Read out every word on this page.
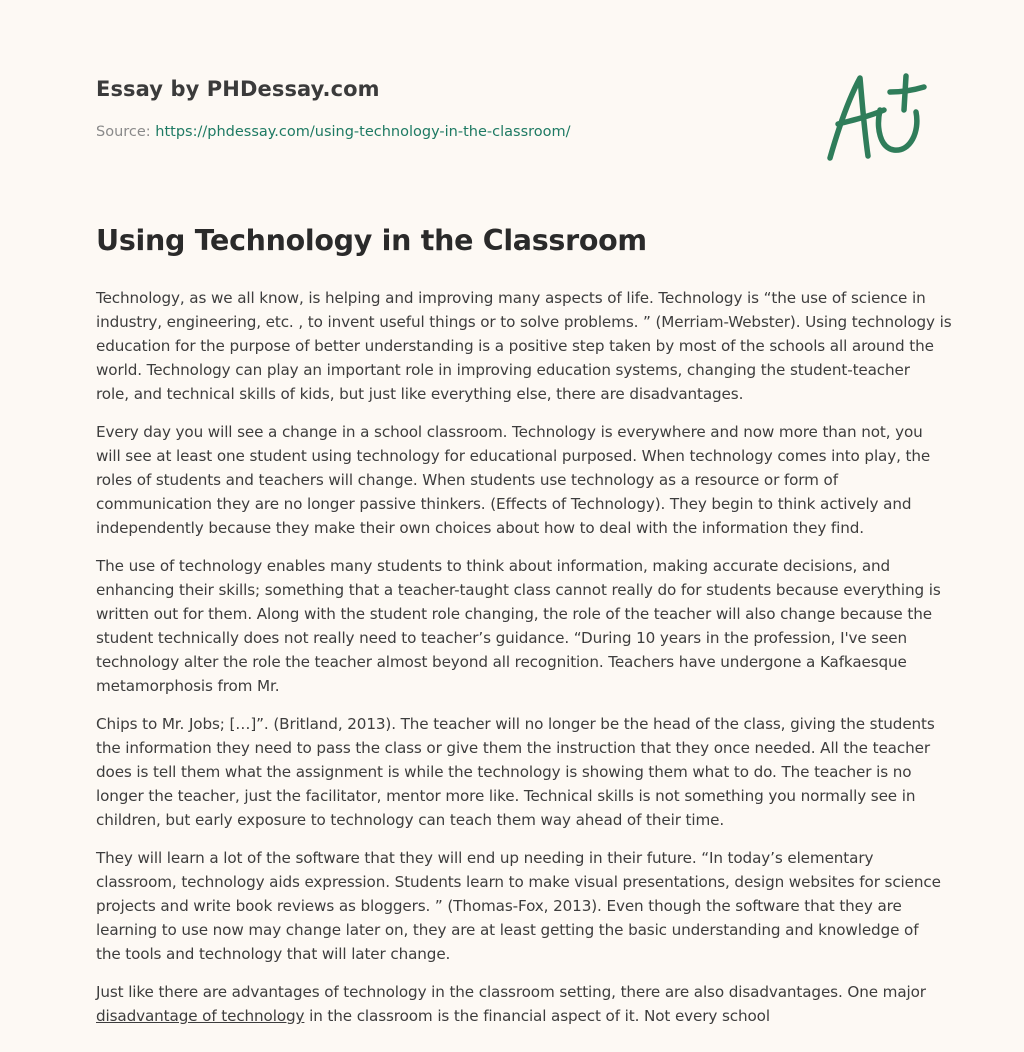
Essay by PHDessay.com

Source: https://phdessay.com/using-technology-in-the-classroom/
Using Technology in the Classroom

Technology, as we all know, is helping and improving many aspects of life. Technology is “the use of science in
industry, engineering, etc. , to invent useful things or to solve problems. ” (Merriam-Webster). Using technology is
education for the purpose of better understanding is a positive step taken by most of the schools all around the
world. Technology can play an important role in improving education systems, changing the student-teacher
role, and technical skills of kids, but just like everything else, there are disadvantages.

Every day you will see a change in a school classroom. Technology is everywhere and now more than not, you
will see at least one student using technology for educational purposed. When technology comes into play, the
roles of students and teachers will change. When students use technology as a resource or form of
communication they are no longer passive thinkers. (Effects of Technology). They begin to think actively and
independently because they make their own choices about how to deal with the information they find.

The use of technology enables many students to think about information, making accurate decisions, and
enhancing their skills; something that a teacher-taught class cannot really do for students because everything is
written out for them. Along with the student role changing, the role of the teacher will also change because the
student technically does not really need to teacher’s guidance. “During 10 years in the profession, I've seen
technology alter the role the teacher almost beyond all recognition. Teachers have undergone a Kafkaesque
metamorphosis from Mr.

Chips to Mr. Jobs; […]”. (Britland, 2013). The teacher will no longer be the head of the class, giving the students
the information they need to pass the class or give them the instruction that they once needed. All the teacher
does is tell them what the assignment is while the technology is showing them what to do. The teacher is no
longer the teacher, just the facilitator, mentor more like. Technical skills is not something you normally see in
children, but early exposure to technology can teach them way ahead of their time.

They will learn a lot of the software that they will end up needing in their future. “In today’s elementary
classroom, technology aids expression. Students learn to make visual presentations, design websites for science
projects and write book reviews as bloggers. ” (Thomas-Fox, 2013). Even though the software that they are
learning to use now may change later on, they are at least getting the basic understanding and knowledge of
the tools and technology that will later change.

Just like there are advantages of technology in the classroom setting, there are also disadvantages. One major
disadvantage of technology in the classroom is the financial aspect of it. Not every school
